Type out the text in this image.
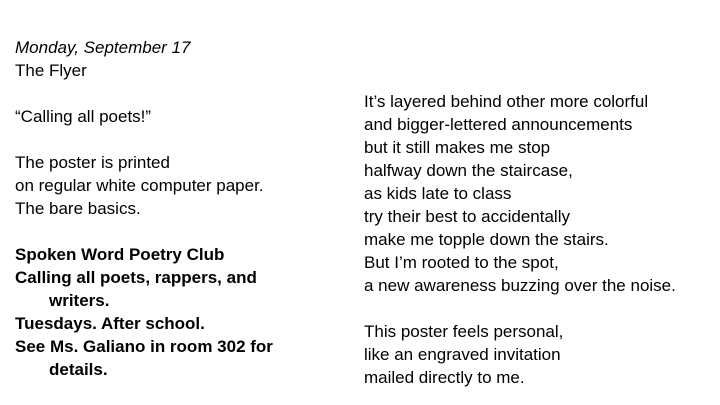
Monday, September 17
The Flyer
“Calling all poets!”
The poster is printed
on regular white computer paper.
The bare basics.
Spoken Word Poetry Club
Calling all poets, rappers, and
writers.
Tuesdays. After school.
See Ms. Galiano in room 302 for
details.
It’s layered behind other more colorful
and bigger-lettered announcements
but it still makes me stop
halfway down the staircase,
as kids late to class
try their best to accidentally
make me topple down the stairs.
But I’m rooted to the spot,
a new awareness buzzing over the noise.
This poster feels personal,
like an engraved invitation
mailed directly to me.
